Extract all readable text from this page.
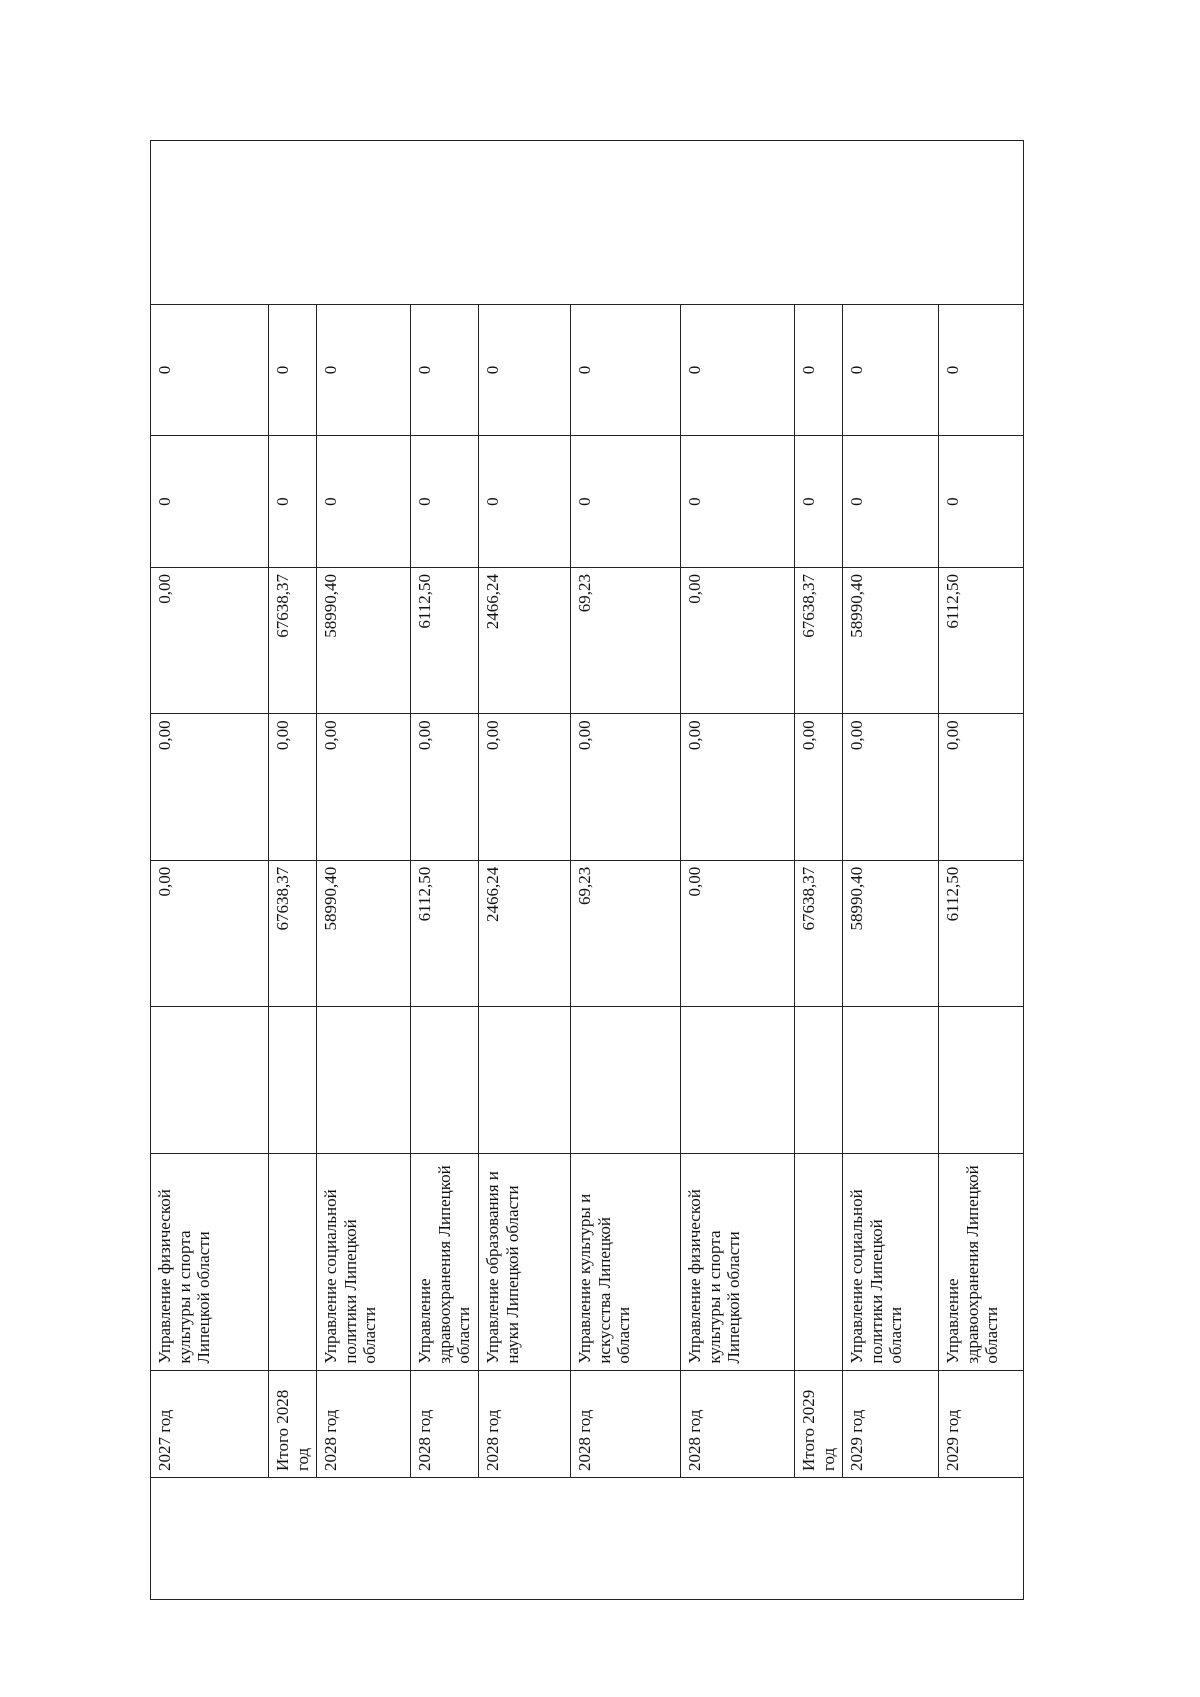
	2027 год	Управление физической культуры и спорта Липецкой области		0,00	0,00	0,00	0	0	
	Итого 2028 год			67638,37	0,00	67638,37	0	0	
	2028 год	Управление социальной политики Липецкой области		58990,40	0,00	58990,40	0	0	
	2028 год	Управление здравоохранения Липецкой области		6112,50	0,00	6112,50	0	0	
	2028 год	Управление образования и науки Липецкой области		2466,24	0,00	2466,24	0	0	
	2028 год	Управление культуры и искусства Липецкой области		69,23	0,00	69,23	0	0	
	2028 год	Управление физической культуры и спорта Липецкой области		0,00	0,00	0,00	0	0	
	Итого 2029 год			67638,37	0,00	67638,37	0	0	
	2029 год	Управление социальной политики Липецкой области		58990,40	0,00	58990,40	0	0	
	2029 год	Управление здравоохранения Липецкой области		6112,50	0,00	6112,50	0	0	
